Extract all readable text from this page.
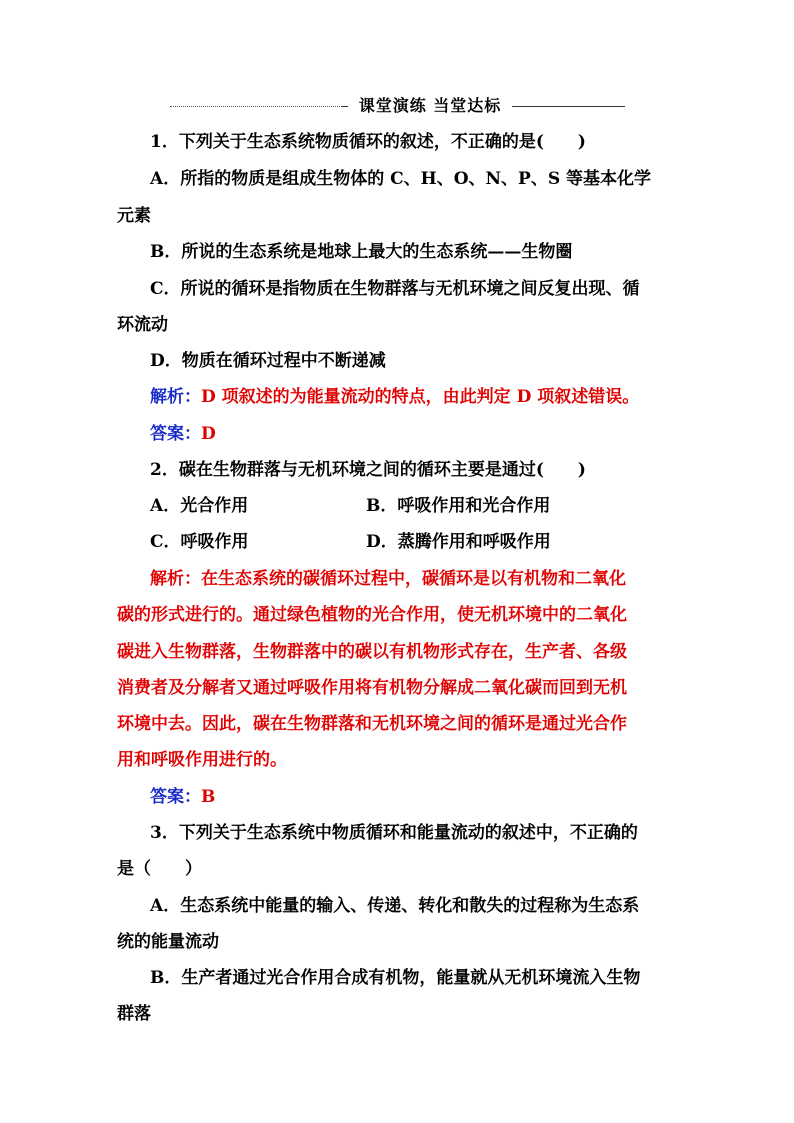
课堂演练 当堂达标
1．下列关于生态系统物质循环的叙述，不正确的是(　　)
A．所指的物质是组成生物体的 C、H、O、N、P、S 等基本化学
元素
B．所说的生态系统是地球上最大的生态系统——生物圈
C．所说的循环是指物质在生物群落与无机环境之间反复出现、循
环流动
D．物质在循环过程中不断递减
解析：D 项叙述的为能量流动的特点，由此判定 D 项叙述错误。
答案：D
2．碳在生物群落与无机环境之间的循环主要是通过(　　)
A．光合作用	B．呼吸作用和光合作用
C．呼吸作用	D．蒸腾作用和呼吸作用
解析：在生态系统的碳循环过程中，碳循环是以有机物和二氧化
碳的形式进行的。通过绿色植物的光合作用，使无机环境中的二氧化
碳进入生物群落，生物群落中的碳以有机物形式存在，生产者、各级
消费者及分解者又通过呼吸作用将有机物分解成二氧化碳而回到无机
环境中去。因此，碳在生物群落和无机环境之间的循环是通过光合作
用和呼吸作用进行的。
答案：B
3．下列关于生态系统中物质循环和能量流动的叙述中，不正确的
是（　　）
A．生态系统中能量的输入、传递、转化和散失的过程称为生态系
统的能量流动
B．生产者通过光合作用合成有机物，能量就从无机环境流入生物
群落
